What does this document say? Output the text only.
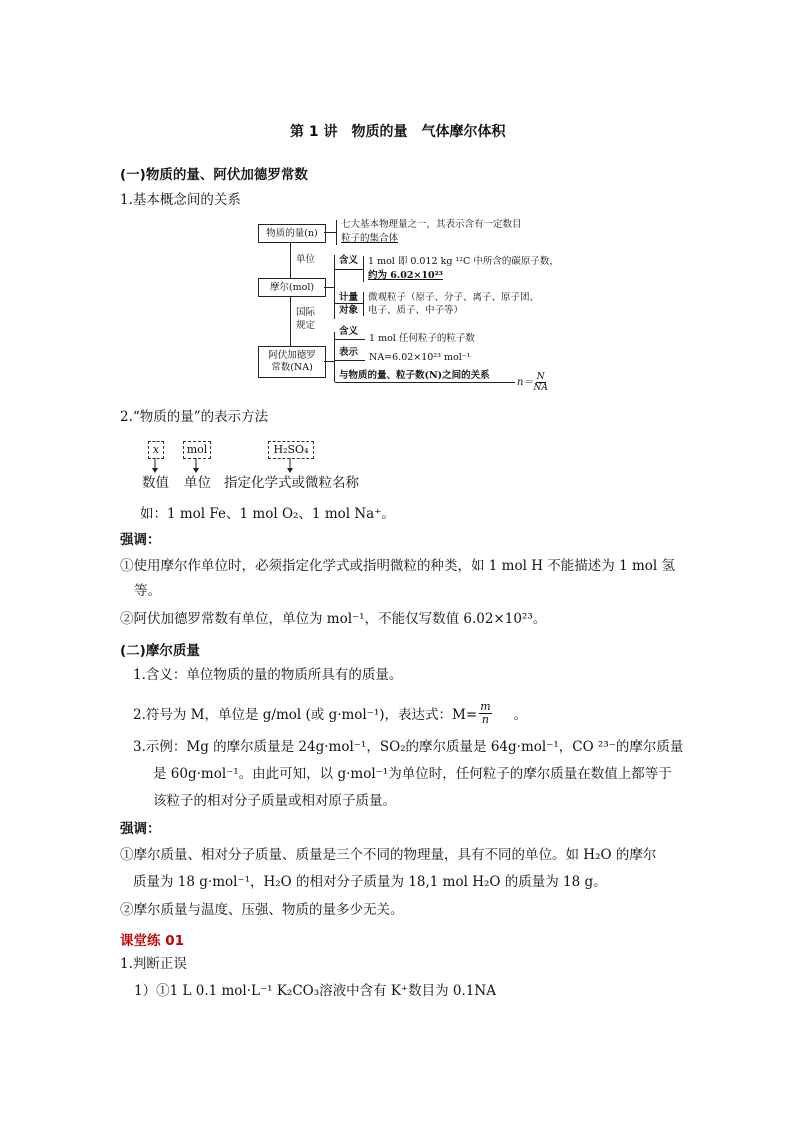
第 1 讲　物质的量　气体摩尔体积
(一)物质的量、阿伏加德罗常数
1.基本概念间的关系
物质的量(n)
摩尔(mol)
阿伏加德罗
常数(NA)
单位
国际
规定
七大基本物理量之一，其表示含有一定数目
粒子的集合体
含义 1 mol 即 0.012 kg ¹²C 中所含的碳原子数，
约为 6.02×10²³
计量
对象
微观粒子（原子、分子、离子、原子团、
电子、质子、中子等）
含义
1 mol 任何粒子的粒子数
表示 NA=6.02×10²³ mol⁻¹
与物质的量、粒子数(N)之间的关系
$n= \frac{N}{NA}$
2.“物质的量”的表示方法
x	mol	H₂SO₄
数值 单位 指定化学式或微粒名称
如：1 mol Fe、1 mol O₂、1 mol Na⁺。
强调：
①使用摩尔作单位时，必须指定化学式或指明微粒的种类，如 1 mol H 不能描述为 1 mol 氢
等。
②阿伏加德罗常数有单位，单位为 mol⁻¹，不能仅写数值 6.02×10²³。
(二)摩尔质量
1.含义：单位物质的量的物质所具有的质量。
2.符号为 M，单位是 g/mol (或 g·mol⁻¹)，表达式：$M= \frac{m}{n}$ 。
3.示例：Mg 的摩尔质量是 24g·mol⁻¹，SO₂的摩尔质量是 64g·mol⁻¹，CO ²³⁻的摩尔质量
是 60g·mol⁻¹。由此可知，以 g·mol⁻¹为单位时，任何粒子的摩尔质量在数值上都等于
该粒子的相对分子质量或相对原子质量。
强调：
①摩尔质量、相对分子质量、质量是三个不同的物理量，具有不同的单位。如 H₂O 的摩尔
质量为 18 g·mol⁻¹，H₂O 的相对分子质量为 18,1 mol H₂O 的质量为 18 g。
②摩尔质量与温度、压强、物质的量多少无关。
课堂练 01
1.判断正误
1）①1 L 0.1 mol·L⁻¹ K₂CO₃溶液中含有 K⁺数目为 0.1NA
